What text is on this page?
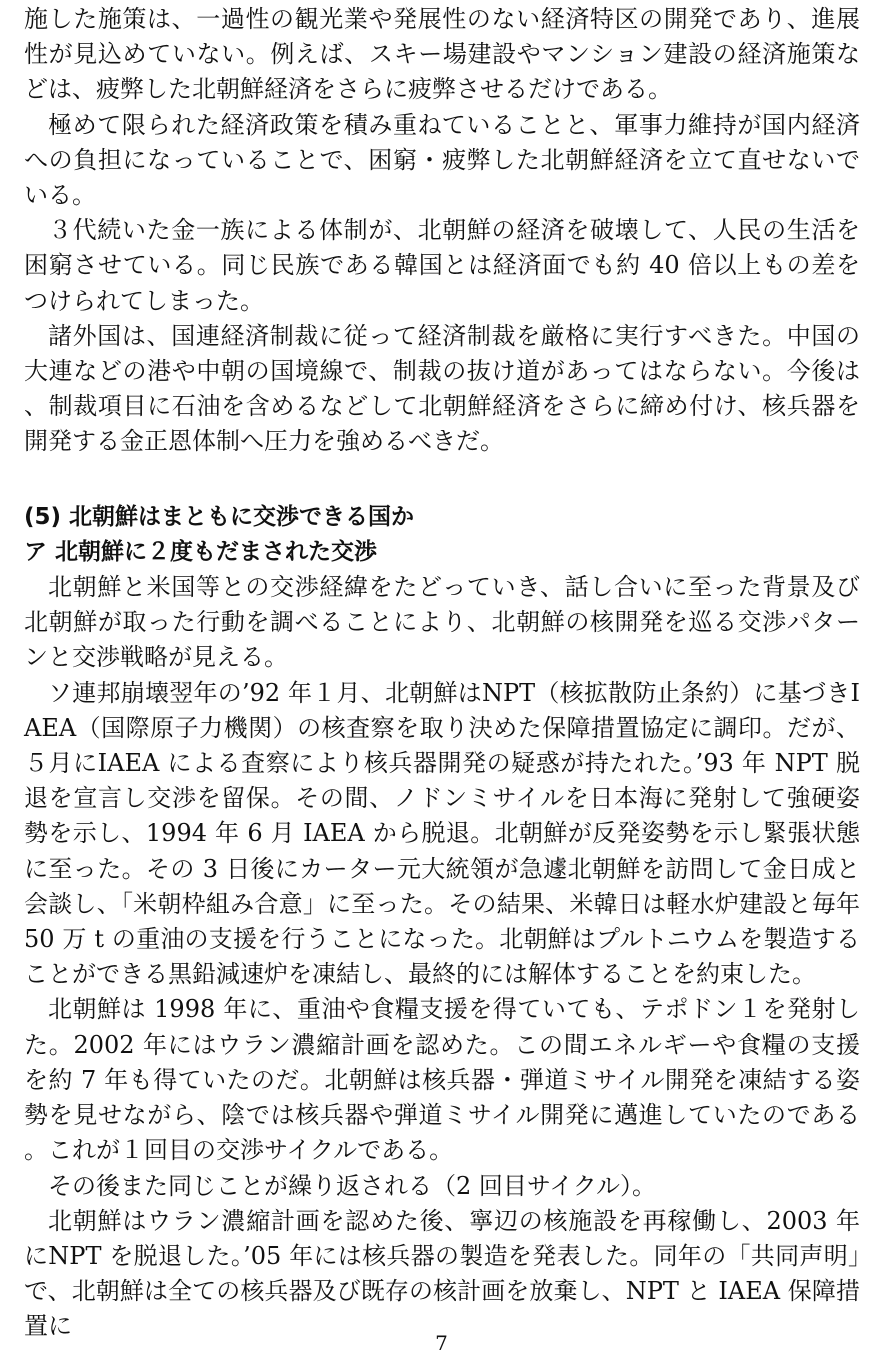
施した施策は、一過性の観光業や発展性のない経済特区の開発であり、進展性が見込めていない。例えば、スキー場建設やマンション建設の経済施策などは、疲弊した北朝鮮経済をさらに疲弊させるだけである。

極めて限られた経済政策を積み重ねていることと、軍事力維持が国内経済への負担になっていることで、困窮・疲弊した北朝鮮経済を立て直せないでいる。

３代続いた金一族による体制が、北朝鮮の経済を破壊して、人民の生活を困窮させている。同じ民族である韓国とは経済面でも約 40 倍以上もの差をつけられてしまった。

諸外国は、国連経済制裁に従って経済制裁を厳格に実行すべきた。中国の大連などの港や中朝の国境線で、制裁の抜け道があってはならない。今後は、制裁項目に石油を含めるなどして北朝鮮経済をさらに締め付け、核兵器を開発する金正恩体制へ圧力を強めるべきだ。

(5) 北朝鮮はまともに交渉できる国か
ア 北朝鮮に２度もだまされた交渉

北朝鮮と米国等との交渉経緯をたどっていき、話し合いに至った背景及び北朝鮮が取った行動を調べることにより、北朝鮮の核開発を巡る交渉パターンと交渉戦略が見える。

ソ連邦崩壊翌年の’92 年１月、北朝鮮はNPT（核拡散防止条約）に基づきIAEA（国際原子力機関）の核査察を取り決めた保障措置協定に調印。だが、５月にIAEA による査察により核兵器開発の疑惑が持たれた。’93 年 NPT 脱退を宣言し交渉を留保。その間、ノドンミサイルを日本海に発射して強硬姿勢を示し、1994 年 6 月 IAEA から脱退。北朝鮮が反発姿勢を示し緊張状態に至った。その 3 日後にカーター元大統領が急遽北朝鮮を訪問して金日成と会談し、「米朝枠組み合意」に至った。その結果、米韓日は軽水炉建設と毎年 50 万 t の重油の支援を行うことになった。北朝鮮はプルトニウムを製造することができる黒鉛減速炉を凍結し、最終的には解体することを約束した。

北朝鮮は 1998 年に、重油や食糧支援を得ていても、テポドン１を発射した。2002 年にはウラン濃縮計画を認めた。この間エネルギーや食糧の支援を約 7 年も得ていたのだ。北朝鮮は核兵器・弾道ミサイル開発を凍結する姿勢を見せながら、陰では核兵器や弾道ミサイル開発に邁進していたのである。これが１回目の交渉サイクルである。

その後また同じことが繰り返される（2 回目サイクル）。

北朝鮮はウラン濃縮計画を認めた後、寧辺の核施設を再稼働し、2003 年にNPT を脱退した。’05 年には核兵器の製造を発表した。同年の「共同声明」で、北朝鮮は全ての核兵器及び既存の核計画を放棄し、NPT と IAEA 保障措置に

7
